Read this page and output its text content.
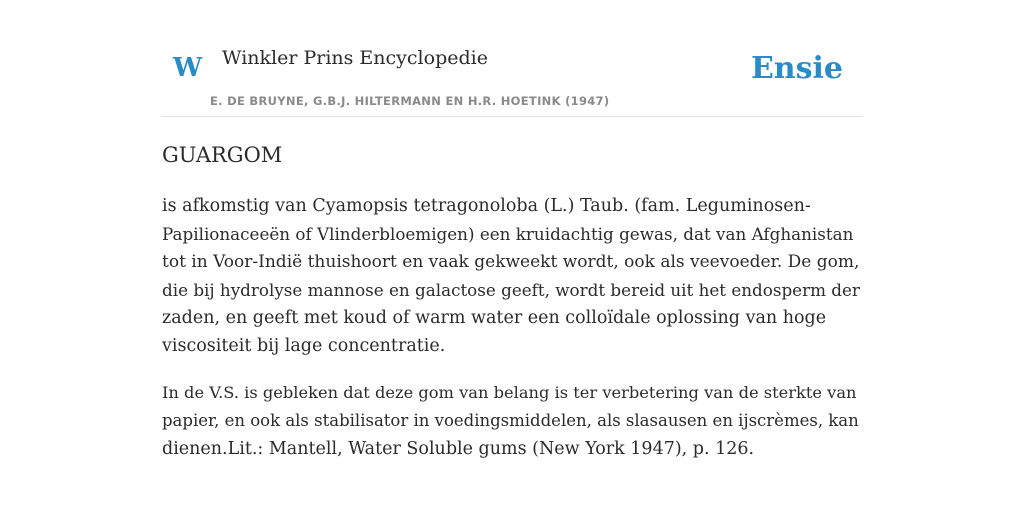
W Winkler Prins Encyclopedie
E. DE BRUYNE, G.B.J. HILTERMANN EN H.R. HOETINK (1947)
Ensie
GUARGOM

is afkomstig van Cyamopsis tetragonoloba (L.) Taub. (fam. Leguminosen-
Papilionaceeën of Vlinderbloemigen) een kruidachtig gewas, dat van Afghanistan
tot in Voor-Indië thuishoort en vaak gekweekt wordt, ook als veevoeder. De gom,
die bij hydrolyse mannose en galactose geeft, wordt bereid uit het endosperm der
zaden, en geeft met koud of warm water een colloïdale oplossing van hoge
viscositeit bij lage concentratie.

In de V.S. is gebleken dat deze gom van belang is ter verbetering van de sterkte van
papier, en ook als stabilisator in voedingsmiddelen, als slasausen en ijscrèmes, kan
dienen.Lit.: Mantell, Water Soluble gums (New York 1947), p. 126.
